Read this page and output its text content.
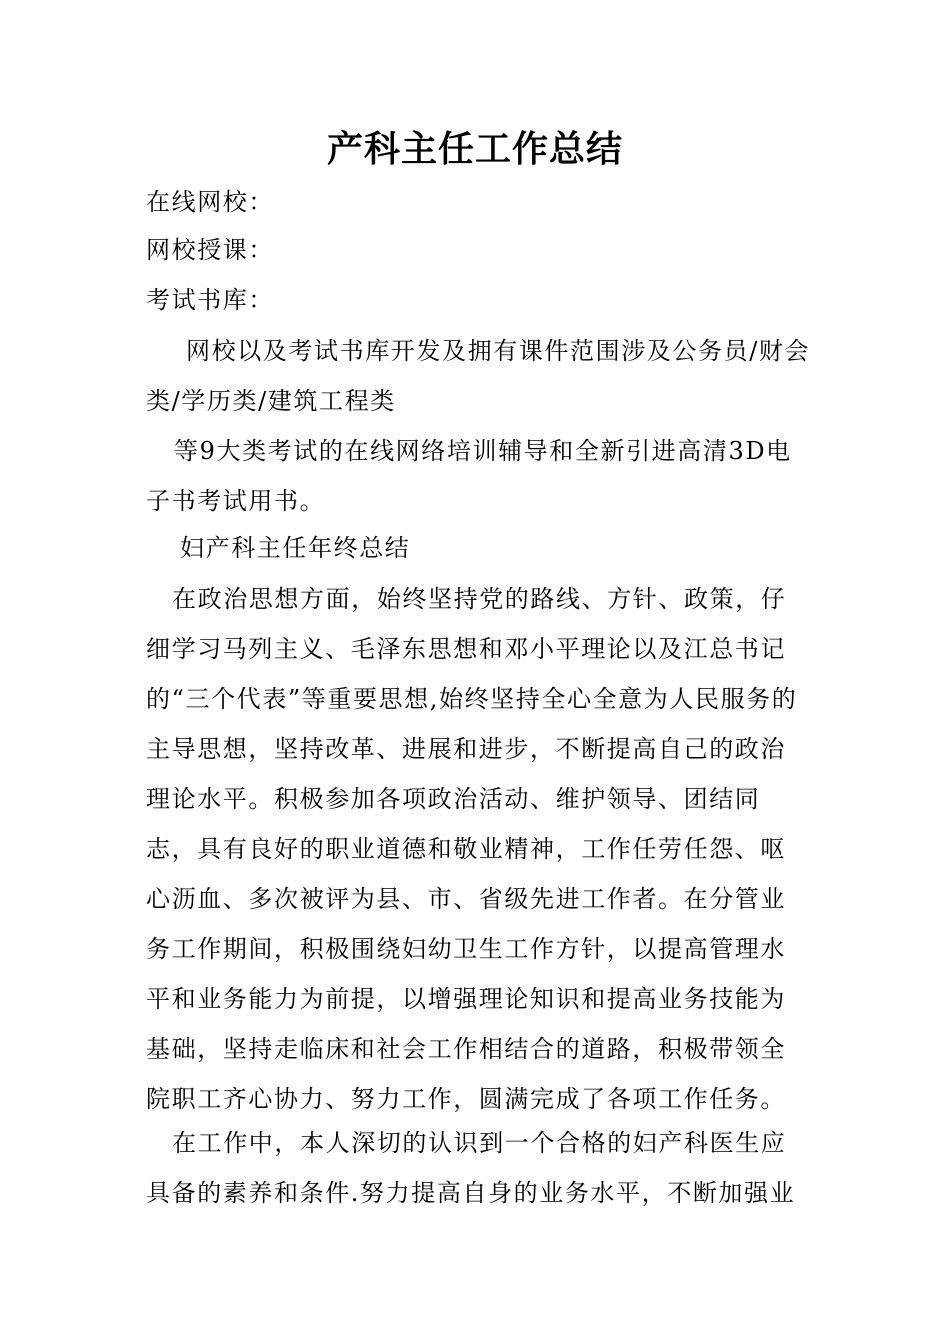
产科主任工作总结

在线网校：

网校授课：

考试书库：

网校以及考试书库开发及拥有课件范围涉及公务员/财会类/学历类/建筑工程类

等9大类考试的在线网络培训辅导和全新引进高清3D电子书考试用书。

妇产科主任年终总结

在政治思想方面，始终坚持党的路线、方针、政策，仔细学习马列主义、毛泽东思想和邓小平理论以及江总书记的“三个代表”等重要思想,始终坚持全心全意为人民服务的主导思想，坚持改革、进展和进步，不断提高自己的政治理论水平。积极参加各项政治活动、维护领导、团结同志，具有良好的职业道德和敬业精神，工作任劳任怨、呕心沥血、多次被评为县、市、省级先进工作者。在分管业务工作期间，积极围绕妇幼卫生工作方针，以提高管理水平和业务能力为前提，以增强理论知识和提高业务技能为基础，坚持走临床和社会工作相结合的道路，积极带领全院职工齐心协力、努力工作，圆满完成了各项工作任务。

在工作中，本人深切的认识到一个合格的妇产科医生应具备的素养和条件.努力提高自身的业务水平，不断加强业
